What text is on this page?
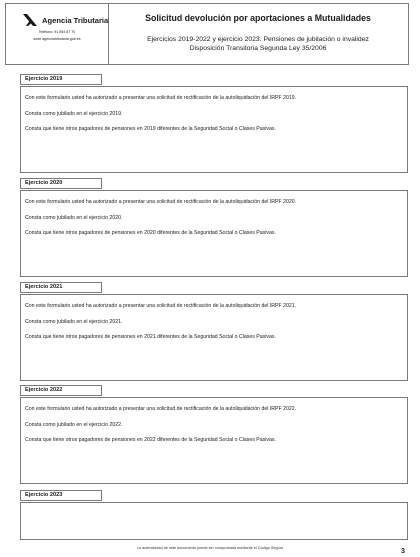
Agencia Tributaria
Teléfono: 91 554 87 70
sede.agenciatributaria.gob.es
Solicitud devolución por aportaciones a Mutualidades
Ejercicios 2019-2022 y ejercicio 2023. Pensiones de jubilación o invalidez
Disposición Transitoria Segunda Ley 35/2006
Ejercicio 2019
Con este formulario usted ha autorizado a presentar una solicitud de rectificación de la autoliquidación del IRPF 2019.
Consta como jubilado en el ejercicio 2019.
Consta que tiene otros pagadores de pensiones en 2019 diferentes de la Seguridad Social o Clases Pasivas.
Ejercicio 2020
Con este formulario usted ha autorizado a presentar una solicitud de rectificación de la autoliquidación del IRPF 2020.
Consta como jubilado en el ejercicio 2020.
Consta que tiene otros pagadores de pensiones en 2020 diferentes de la Seguridad Social o Clases Pasivas.
Ejercicio 2021
Con este formulario usted ha autorizado a presentar una solicitud de rectificación de la autoliquidación del IRPF 2021.
Consta como jubilado en el ejercicio 2021.
Consta que tiene otros pagadores de pensiones en 2021 diferentes de la Seguridad Social o Clases Pasivas.
Ejercicio 2022
Con este formulario usted ha autorizado a presentar una solicitud de rectificación de la autoliquidación del IRPF 2022.
Consta como jubilado en el ejercicio 2022.
Consta que tiene otros pagadores de pensiones en 2022 diferentes de la Seguridad Social o Clases Pasivas.
Ejercicio 2023
La autenticidad de este documento puede ser comprobada mediante el Código Seguro	3
